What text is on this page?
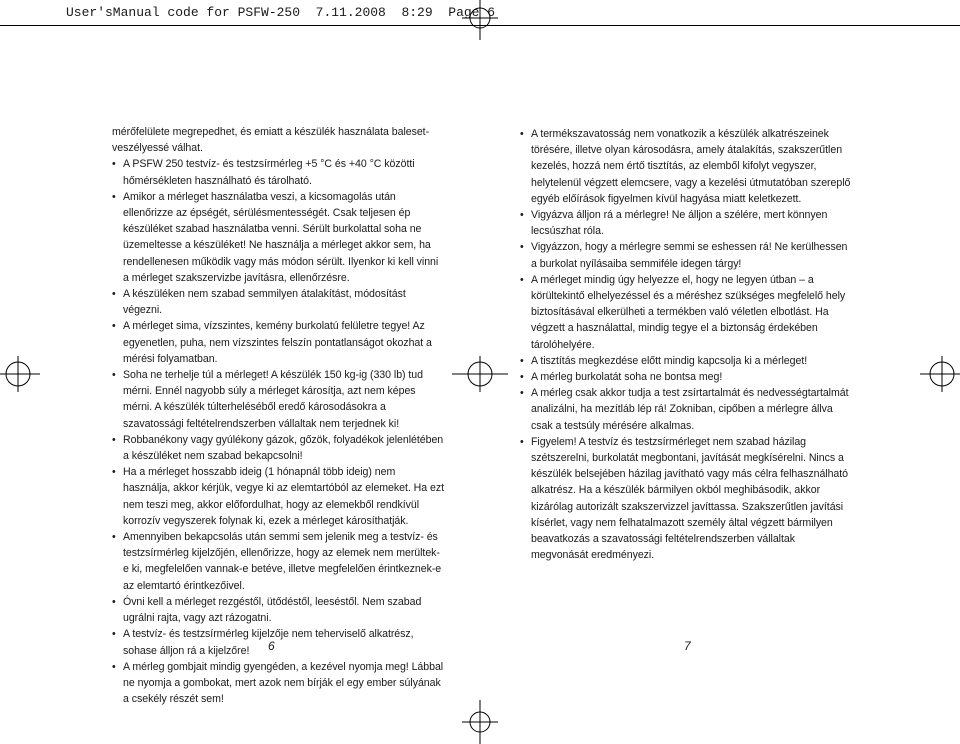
User'sManual code for PSFW-250  7.11.2008  8:29  Page 6

mérőfelülete megrepedhet, és emiatt a készülék használata balesetveszélyessé válhat.

• A PSFW 250 testvíz- és testzsírmérleg +5 °C és +40 °C közötti hőmérsékleten használható és tárolható.

• Amikor a mérleget használatba veszi, a kicsomagolás után ellenőrizze az épségét, sérülésmentességét. Csak teljesen ép készüléket szabad használatba venni. Sérült burkolattal soha ne üzemeltesse a készüléket! Ne használja a mérleget akkor sem, ha rendellenesen működik vagy más módon sérült. Ilyenkor ki kell vinni a mérleget szakszervizbe javításra, ellenőrzésre.

• A készüléken nem szabad semmilyen átalakítást, módosítást végezni.

• A mérleget sima, vízszintes, kemény burkolatú felületre tegye! Az egyenetlen, puha, nem vízszintes felszín pontatlanságot okozhat a mérési folyamatban.

• Soha ne terhelje túl a mérleget! A készülék 150 kg-ig (330 lb) tud mérni. Ennél nagyobb súly a mérleget károsítja, azt nem képes mérni. A készülék túlterheléséből eredő károsodásokra a szavatossági feltételrendszerben vállaltak nem terjednek ki!

• Robbanékony vagy gyúlékony gázok, gőzök, folyadékok jelenlétében a készüléket nem szabad bekapcsolni!

• Ha a mérleget hosszabb ideig (1 hónapnál több ideig) nem használja, akkor kérjük, vegye ki az elemtartóból az elemeket. Ha ezt nem teszi meg, akkor előfordulhat, hogy az elemekből rendkívül korrozív vegyszerek folynak ki, ezek a mérleget károsíthatják.

• Amennyiben bekapcsolás után semmi sem jelenik meg a testvíz- és testzsírmérleg kijelzőjén, ellenőrizze, hogy az elemek nem merültek-e ki, megfelelően vannak-e betéve, illetve megfelelően érintkeznek-e az elemtartó érintkezőivel.

• Óvni kell a mérleget rezgéstől, ütődéstől, leeséstől. Nem szabad ugrálni rajta, vagy azt rázogatni.

• A testvíz- és testzsírmérleg kijelzője nem teherviselő alkatrész, sohase álljon rá a kijelzőre!

• A mérleg gombjait mindig gyengéden, a kezével nyomja meg! Lábbal ne nyomja a gombokat, mert azok nem bírják el egy ember súlyának a csekély részét sem!

• A termékszavatosság nem vonatkozik a készülék alkatrészeinek törésére, illetve olyan károsodásra, amely átalakítás, szakszerűtlen kezelés, hozzá nem értő tisztítás, az elemből kifolyt vegyszer, helytelenül végzett elemcsere, vagy a kezelési útmutatóban szereplő egyéb előírások figyelmen kívül hagyása miatt keletkezett.

• Vigyázva álljon rá a mérlegre! Ne álljon a szélére, mert könnyen lecsúszhat róla.

• Vigyázzon, hogy a mérlegre semmi se eshessen rá! Ne kerülhessen a burkolat nyílásaiba semmiféle idegen tárgy!

• A mérleget mindig úgy helyezze el, hogy ne legyen útban – a körültekintő elhelyezéssel és a méréshez szükséges megfelelő hely biztosításával elkerülheti a termékben való véletlen elbotlást. Ha végzett a használattal, mindig tegye el a biztonság érdekében tárolóhelyére.

• A tisztítás megkezdése előtt mindig kapcsolja ki a mérleget!

• A mérleg burkolatát soha ne bontsa meg!

• A mérleg csak akkor tudja a test zsírtartalmát és nedvességtartalmát analizálni, ha mezítláb lép rá! Zokniban, cipőben a mérlegre állva csak a testsúly mérésére alkalmas.

• Figyelem! A testvíz és testzsírmérleget nem szabad házilag szétszerelni, burkolatát megbontani, javítását megkísérelni. Nincs a készülék belsejében házilag javítható vagy más célra felhasználható alkatrész. Ha a készülék bármilyen okból meghibásodik, akkor kizárólag autorizált szakszervizzel javíttassa. Szakszerűtlen javítási kísérlet, vagy nem felhatalmazott személy által végzett bármilyen beavatkozás a szavatossági feltételrendszerben vállaltak megvonását eredményezi.

6	7
